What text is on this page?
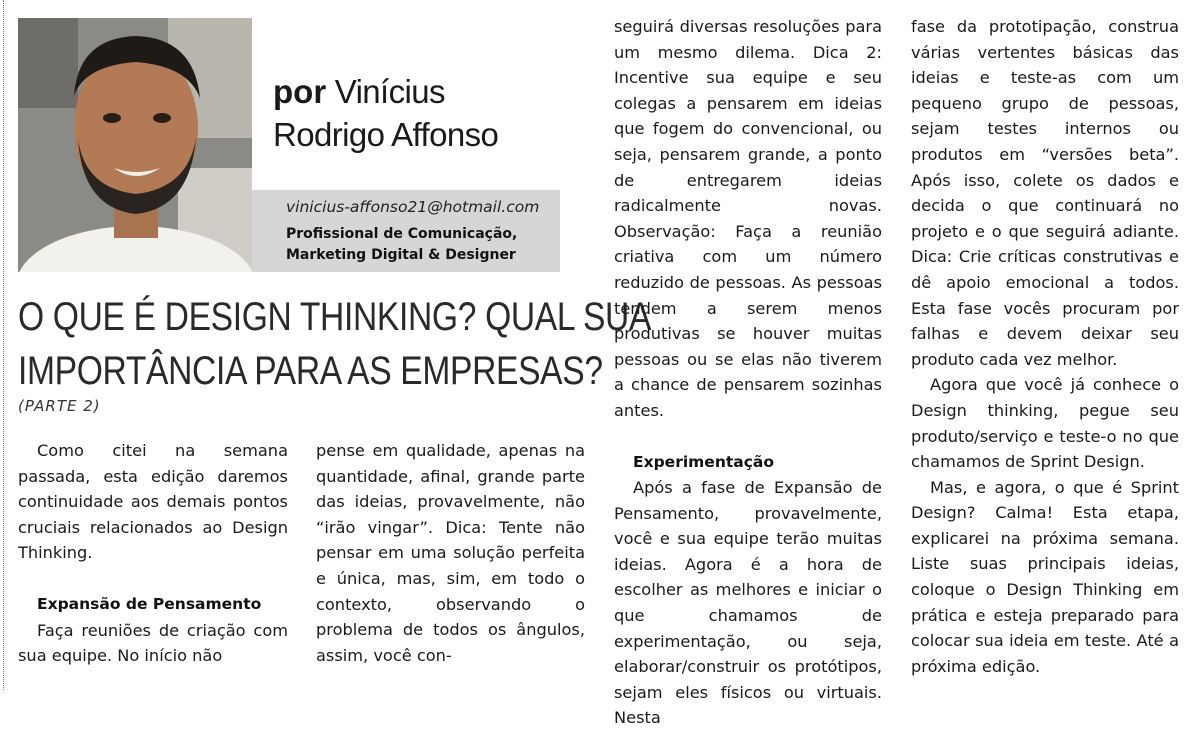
por Vinícius
Rodrigo Affonso
vinicius-affonso21@hotmail.com
Profissional de Comunicação,
Marketing Digital & Designer
O QUE É DESIGN THINKING? QUAL SUA
IMPORTÂNCIA PARA AS EMPRESAS?
(PARTE 2)

Como citei na semana passada, esta edição daremos continuidade aos demais pontos cruciais relacionados ao Design Thinking.

Expansão de Pensamento

Faça reuniões de criação com sua equipe. No início não

pense em qualidade, apenas na quantidade, afinal, grande parte das ideias, provavelmente, não “irão vingar”. Dica: Tente não pensar em uma solução perfeita e única, mas, sim, em todo o contexto, observando o problema de todos os ângulos, assim, você con-

seguirá diversas resoluções para um mesmo dilema. Dica 2: Incentive sua equipe e seu colegas a pensarem em ideias que fogem do convencional, ou seja, pensarem grande, a ponto de entregarem ideias radicalmente novas. Observação: Faça a reunião criativa com um número reduzido de pessoas. As pessoas tendem a serem menos produtivas se houver muitas pessoas ou se elas não tiverem a chance de pensarem sozinhas antes.

Experimentação

Após a fase de Expansão de Pensamento, provavelmente, você e sua equipe terão muitas ideias. Agora é a hora de escolher as melhores e iniciar o que chamamos de experimentação, ou seja, elaborar/construir os protótipos, sejam eles físicos ou virtuais. Nesta

fase da prototipação, construa várias vertentes básicas das ideias e teste-as com um pequeno grupo de pessoas, sejam testes internos ou produtos em “versões beta”. Após isso, colete os dados e decida o que continuará no projeto e o que seguirá adiante. Dica: Crie críticas construtivas e dê apoio emocional a todos. Esta fase vocês procuram por falhas e devem deixar seu produto cada vez melhor.

Agora que você já conhece o Design thinking, pegue seu produto/serviço e teste-o no que chamamos de Sprint Design.

Mas, e agora, o que é Sprint Design? Calma! Esta etapa, explicarei na próxima semana. Liste suas principais ideias, coloque o Design Thinking em prática e esteja preparado para colocar sua ideia em teste. Até a próxima edição.
